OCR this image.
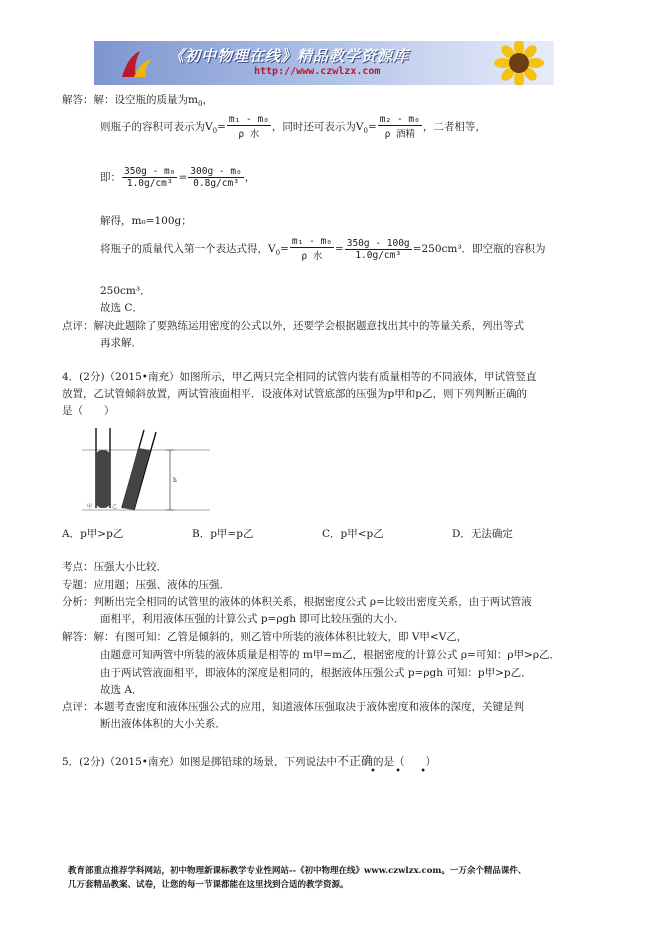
《初中物理在线》精品教学资源库
http://www.czwlzx.com
解答：解：设空瓶的质量为$m_0$，
则瓶子的容积可表示为$V_0= \frac{\text{m₁ - m₀}}{\text{ρ 水}}$ ，同时还可表示为$V_0= \frac{\text{m₂ - m₀}}{\text{ρ 酒精}}$ ，二者相等，
即： $\frac{\text{350g - m₀}}{\text{1.0g/cm³}} = \frac{\text{300g - m₀}}{\text{0.8g/cm³}}$ ，
解得，m₀=100g；
将瓶子的质量代入第一个表达式得，$V_0= \frac{\text{m₁ - m₀}}{\text{ρ 水}} = \frac{350g - 100g}{\text{1.0g/cm³}} =250cm^3$．即空瓶的容积为
250cm³．
故选 C．
点评：解决此题除了要熟练运用密度的公式以外，还要学会根据题意找出其中的等量关系，列出等式
再求解．
4．(2分)（2015•南充）如图所示，甲乙两只完全相同的试管内装有质量相等的不同液体，甲试管竖直
放置，乙试管倾斜放置，两试管液面相平．设液体对试管底部的压强为p甲和p乙，则下列判断正确的
是（　　）
h
甲	乙
A．p甲>p乙	B．p甲=p乙	C．p甲<p乙	D．无法确定
考点：压强大小比较．
专题：应用题；压强、液体的压强．
分析：判断出完全相同的试管里的液体的体积关系，根据密度公式 ρ=比较出密度关系，由于两试管液
面相平，利用液体压强的计算公式 p=ρgh 即可比较压强的大小．
解答：解：有图可知：乙管是倾斜的，则乙管中所装的液体体积比较大，即 V甲<V乙，
由题意可知两管中所装的液体质量是相等的 m甲=m乙，根据密度的计算公式 ρ=可知：ρ甲>ρ乙．
由于两试管液面相平，即液体的深度是相同的，根据液体压强公式 p=ρgh 可知：p甲>p乙．
故选 A．
点评：本题考查密度和液体压强公式的应用，知道液体压强取决于液体密度和液体的深度，关键是判
断出液体体积的大小关系．
5．(2分)（2015•南充）如图是掷铅球的场景，下列说法中不正确的是（　　）
• • •
教育部重点推荐学科网站，初中物理新课标教学专业性网站--《初中物理在线》www.czwlzx.com。一万余个精品课件、
几万套精品教案、试卷，让您的每一节课都能在这里找到合适的教学资源。
